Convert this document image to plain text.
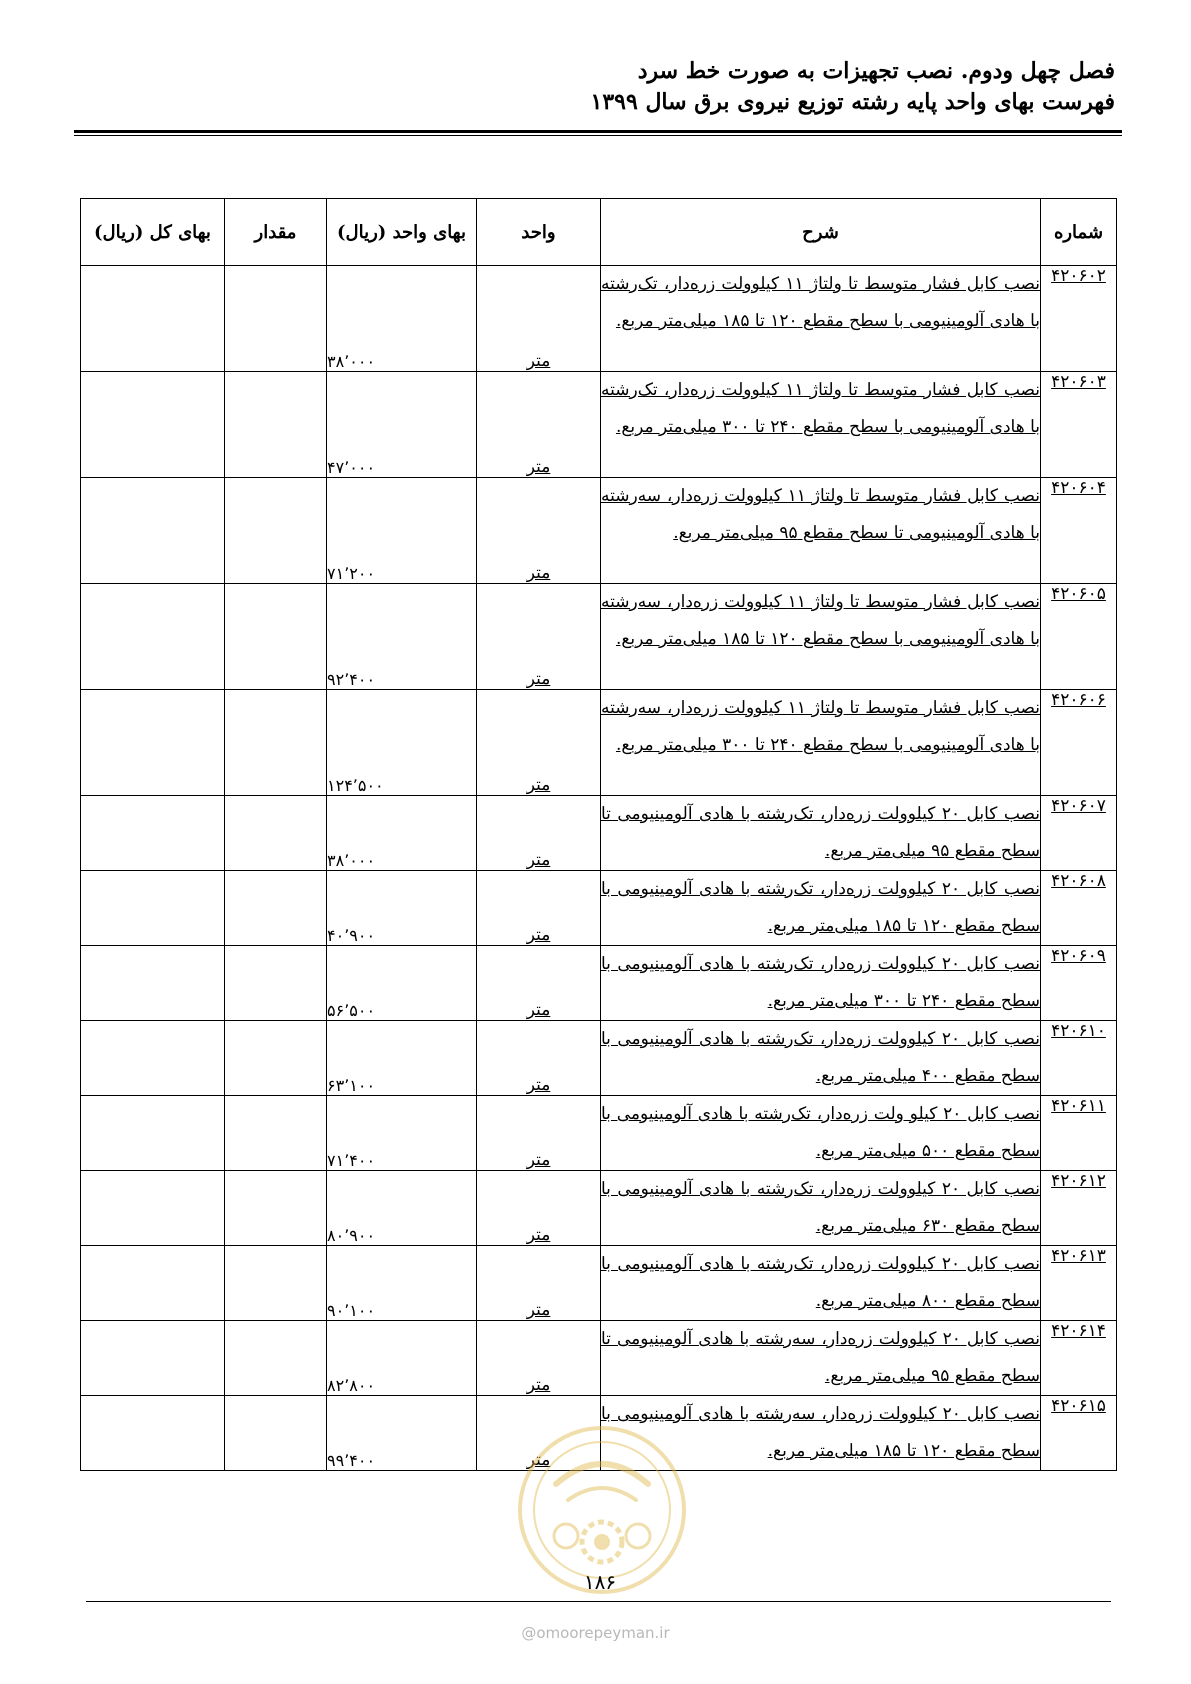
فصل چهل ودوم. نصب تجهیزات به صورت خط سرد
فهرست بهای واحد پایه رشته توزیع نیروی برق سال ۱۳۹۹
شماره	شرح	واحد	بهای واحد (ریال)	مقدار	بهای کل (ریال)
۴۲۰۶۰۲	نصب کابل فشار متوسط تا ولتاژ ۱۱ کیلوولت زره‌دار، تک‌رشته با هادی آلومینیومی با سطح مقطع ۱۲۰ تا ۱۸۵ میلی‌متر مربع.	متر	۳۸٬۰۰۰		
۴۲۰۶۰۳	نصب کابل فشار متوسط تا ولتاژ ۱۱ کیلوولت زره‌دار، تک‌رشته با هادی آلومینیومی با سطح مقطع ۲۴۰ تا ۳۰۰ میلی‌متر مربع.	متر	۴۷٬۰۰۰		
۴۲۰۶۰۴	نصب کابل فشار متوسط تا ولتاژ ۱۱ کیلوولت زره‌دار، سه‌رشته با هادی آلومینیومی تا سطح مقطع ۹۵ میلی‌متر مربع.	متر	۷۱٬۲۰۰		
۴۲۰۶۰۵	نصب کابل فشار متوسط تا ولتاژ ۱۱ کیلوولت زره‌دار، سه‌رشته با هادی آلومینیومی با سطح مقطع ۱۲۰ تا ۱۸۵ میلی‌متر مربع.	متر	۹۲٬۴۰۰		
۴۲۰۶۰۶	نصب کابل فشار متوسط تا ولتاژ ۱۱ کیلوولت زره‌دار، سه‌رشته با هادی آلومینیومی با سطح مقطع ۲۴۰ تا ۳۰۰ میلی‌متر مربع.	متر	۱۲۴٬۵۰۰		
۴۲۰۶۰۷	نصب کابل ۲۰ کیلوولت زره‌دار، تک‌رشته با هادی آلومینیومی تا سطح مقطع ۹۵ میلی‌متر مربع.	متر	۳۸٬۰۰۰		
۴۲۰۶۰۸	نصب کابل ۲۰ کیلوولت زره‌دار، تک‌رشته با هادی آلومینیومی با سطح مقطع ۱۲۰ تا ۱۸۵ میلی‌متر مربع.	متر	۴۰٬۹۰۰		
۴۲۰۶۰۹	نصب کابل ۲۰ کیلوولت زره‌دار، تک‌رشته با هادی آلومینیومی با سطح مقطع ۲۴۰ تا ۳۰۰ میلی‌متر مربع.	متر	۵۶٬۵۰۰		
۴۲۰۶۱۰	نصب کابل ۲۰ کیلوولت زره‌دار، تک‌رشته با هادی آلومینیومی با سطح مقطع ۴۰۰ میلی‌متر مربع.	متر	۶۳٬۱۰۰		
۴۲۰۶۱۱	نصب کابل ۲۰ کیلو ولت زره‌دار، تک‌رشته با هادی آلومینیومی با سطح مقطع ۵۰۰ میلی‌متر مربع.	متر	۷۱٬۴۰۰		
۴۲۰۶۱۲	نصب کابل ۲۰ کیلوولت زره‌دار، تک‌رشته با هادی آلومینیومی با سطح مقطع ۶۳۰ میلی‌متر مربع.	متر	۸۰٬۹۰۰		
۴۲۰۶۱۳	نصب کابل ۲۰ کیلوولت زره‌دار، تک‌رشته با هادی آلومینیومی با سطح مقطع ۸۰۰ میلی‌متر مربع.	متر	۹۰٬۱۰۰		
۴۲۰۶۱۴	نصب کابل ۲۰ کیلوولت زره‌دار، سه‌رشته با هادی آلومینیومی تا سطح مقطع ۹۵ میلی‌متر مربع.	متر	۸۲٬۸۰۰		
۴۲۰۶۱۵	نصب کابل ۲۰ کیلوولت زره‌دار، سه‌رشته با هادی آلومینیومی با سطح مقطع ۱۲۰ تا ۱۸۵ میلی‌متر مربع.	متر	۹۹٬۴۰۰		
۱۸۶
@omoorepeyman.ir
